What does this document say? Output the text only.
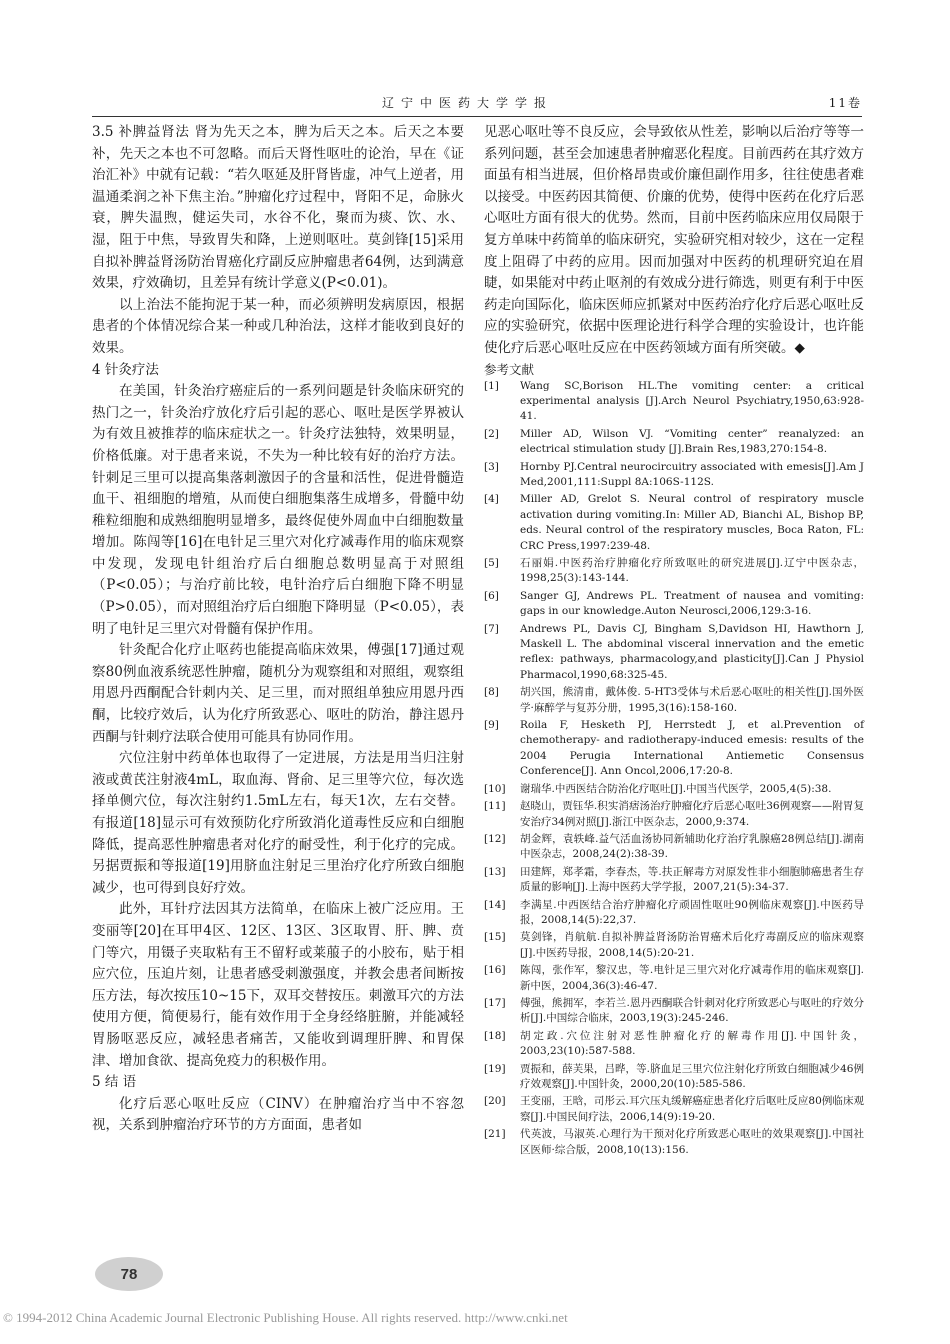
辽宁中医药大学学报	11卷

3.5 补脾益肾法 肾为先天之本，脾为后天之本。后天之本要补，先天之本也不可忽略。而后天肾性呕吐的论治，早在《证治汇补》中就有记载：“若久呕延及肝肾皆虚，冲气上逆者，用温通柔润之补下焦主治。”肿瘤化疗过程中，肾阳不足，命脉火衰，脾失温煦，健运失司，水谷不化，聚而为痰、饮、水、湿，阻于中焦，导致胃失和降，上逆则呕吐。莫剑锋[15]采用自拟补脾益肾汤防治胃癌化疗副反应肿瘤患者64例，达到满意效果，疗效确切，且差异有统计学意义(P<0.01)。

以上治法不能拘泥于某一种，而必须辨明发病原因，根据患者的个体情况综合某一种或几种治法，这样才能收到良好的效果。

4 针灸疗法

在美国，针灸治疗癌症后的一系列问题是针灸临床研究的热门之一，针灸治疗放化疗后引起的恶心、呕吐是医学界被认为有效且被推荐的临床症状之一。针灸疗法独特，效果明显，价格低廉。对于患者来说，不失为一种比较有好的治疗方法。针刺足三里可以提高集落刺激因子的含量和活性，促进骨髓造血干、祖细胞的增殖，从而使白细胞集落生成增多，骨髓中幼稚粒细胞和成熟细胞明显增多，最终促使外周血中白细胞数量增加。陈闯等[16]在电针足三里穴对化疗减毒作用的临床观察中发现，发现电针组治疗后白细胞总数明显高于对照组（P<0.05）；与治疗前比较，电针治疗后白细胞下降不明显（P>0.05），而对照组治疗后白细胞下降明显（P<0.05），表明了电针足三里穴对骨髓有保护作用。

针灸配合化疗止呕药也能提高临床效果，傅强[17]通过观察80例血液系统恶性肿瘤，随机分为观察组和对照组，观察组用恩丹西酮配合针刺内关、足三里，而对照组单独应用恩丹西酮，比较疗效后，认为化疗所致恶心、呕吐的防治，静注恩丹西酮与针刺疗法联合使用可能具有协同作用。

穴位注射中药单体也取得了一定进展，方法是用当归注射液或黄芪注射液4mL，取血海、肾俞、足三里等穴位，每次选择单侧穴位，每次注射约1.5mL左右，每天1次，左右交替。有报道[18]显示可有效预防化疗所致消化道毒性反应和白细胞降低，提高恶性肿瘤患者对化疗的耐受性，利于化疗的完成。另据贾振和等报道[19]用脐血注射足三里治疗化疗所致白细胞减少，也可得到良好疗效。

此外，耳针疗法因其方法简单，在临床上被广泛应用。王变丽等[20]在耳甲4区、12区、13区、3区取胃、肝、脾、贲门等穴，用镊子夹取粘有王不留籽或莱菔子的小胶布，贴于相应穴位，压迫片刻，让患者感受刺激强度，并教会患者间断按压方法，每次按压10~15下，双耳交替按压。刺激耳穴的方法使用方便，简便易行，能有效作用于全身经络脏腑，并能减轻胃肠呕恶反应，减轻患者痛苦，又能收到调理肝脾、和胃保津、增加食欲、提高免疫力的积极作用。

5 结 语

化疗后恶心呕吐反应（CINV）在肿瘤治疗当中不容忽视，关系到肿瘤治疗环节的方方面面，患者如

见恶心呕吐等不良反应，会导致依从性差，影响以后治疗等等一系列问题，甚至会加速患者肿瘤恶化程度。目前西药在其疗效方面虽有相当进展，但价格昂贵或价廉但副作用多，往往使患者难以接受。中医药因其简便、价廉的优势，使得中医药在化疗后恶心呕吐方面有很大的优势。然而，目前中医药临床应用仅局限于复方单味中药简单的临床研究，实验研究相对较少，这在一定程度上阻碍了中药的应用。因而加强对中医药的机理研究迫在眉睫，如果能对中药止呕剂的有效成分进行筛选，则更有利于中医药走向国际化，临床医师应抓紧对中医药治疗化疗后恶心呕吐反应的实验研究，依据中医理论进行科学合理的实验设计，也许能使化疗后恶心呕吐反应在中医药领域方面有所突破。◆

参考文献

[1]	Wang SC,Borison HL.The vomiting center: a critical experimental analysis [J].Arch Neurol Psychiatry,1950,63:928-41.
[2]	Miller AD, Wilson VJ. “Vomiting center” reanalyzed: an electrical stimulation study [J].Brain Res,1983,270:154-8.
[3]	Hornby PJ.Central neurocircuitry associated with emesis[J].Am J Med,2001,111:Suppl 8A:106S-112S.
[4]	Miller AD, Grelot S. Neural control of respiratory muscle activation during vomiting.In: Miller AD, Bianchi AL, Bishop BP, eds. Neural control of the respiratory muscles, Boca Raton, FL: CRC Press,1997:239-48.
[5]	石丽娟.中医药治疗肿瘤化疗所致呕吐的研究进展[J].辽宁中医杂志，1998,25(3):143-144.
[6]	Sanger GJ, Andrews PL. Treatment of nausea and vomiting: gaps in our knowledge.Auton Neurosci,2006,129:3-16.
[7]	Andrews PL, Davis CJ, Bingham S,Davidson HI, Hawthorn J, Maskell L. The abdominal visceral innervation and the emetic reflex: pathways, pharmacology,and plasticity[J].Can J Physiol Pharmacol,1990,68:325-45.
[8]	胡兴国，熊清甫，戴体俊. 5-HT3受体与术后恶心呕吐的相关性[J].国外医学·麻醉学与复苏分册，1995,3(16):158-160.
[9]	Roila F, Hesketh PJ, Herrstedt J, et al.Prevention of chemotherapy- and radiotherapy-induced emesis: results of the 2004 Perugia International Antiemetic Consensus Conference[J]. Ann Oncol,2006,17:20-8.
[10]	谢瑞华.中西医结合防治化疗呕吐[J].中国当代医学，2005,4(5):38.
[11]	赵晓山，贾钰华.积实消痞汤治疗肿瘤化疗后恶心呕吐36例观察——附胃复安治疗34例对照[J].浙江中医杂志，2000,9:374.
[12]	胡金辉，袁轶峰.益气活血汤协同新辅助化疗治疗乳腺癌28例总结[J].湖南中医杂志，2008,24(2):38-39.
[13]	田建辉，郑孝霜，李春杰，等.扶正解毒方对原发性非小细胞肺癌患者生存质量的影响[J].上海中医药大学学报，2007,21(5):34-37.
[14]	李满星.中西医结合治疗肿瘤化疗顽固性呕吐90例临床观察[J].中医药导报，2008,14(5):22,37.
[15]	莫剑锋，肖航航.自拟补脾益肾汤防治胃癌术后化疗毒副反应的临床观察[J].中医药导报，2008,14(5):20-21.
[16]	陈闯，张作军，黎汉忠，等.电针足三里穴对化疗减毒作用的临床观察[J].新中医，2004,36(3):46-47.
[17]	傅强，熊拥军，李若兰.恩丹西酮联合针刺对化疗所致恶心与呕吐的疗效分析[J].中国综合临床，2003,19(3):245-246.
[18]	胡定政.穴位注射对恶性肿瘤化疗的解毒作用[J].中国针灸，2003,23(10):587-588.
[19]	贾振和，薛芙果，吕晔，等.脐血足三里穴位注射化疗所致白细胞减少46例疗效观察[J].中国针灸，2000,20(10):585-586.
[20]	王变丽，王晗，司彤云.耳穴压丸缓解癌症患者化疗后呕吐反应80例临床观察[J].中国民间疗法，2006,14(9):19-20.
[21]	代英波，马淑英.心理行为干预对化疗所致恶心呕吐的效果观察[J].中国社区医师·综合版，2008,10(13):156.
78
© 1994-2012 China Academic Journal Electronic Publishing House. All rights reserved. http://www.cnki.net
